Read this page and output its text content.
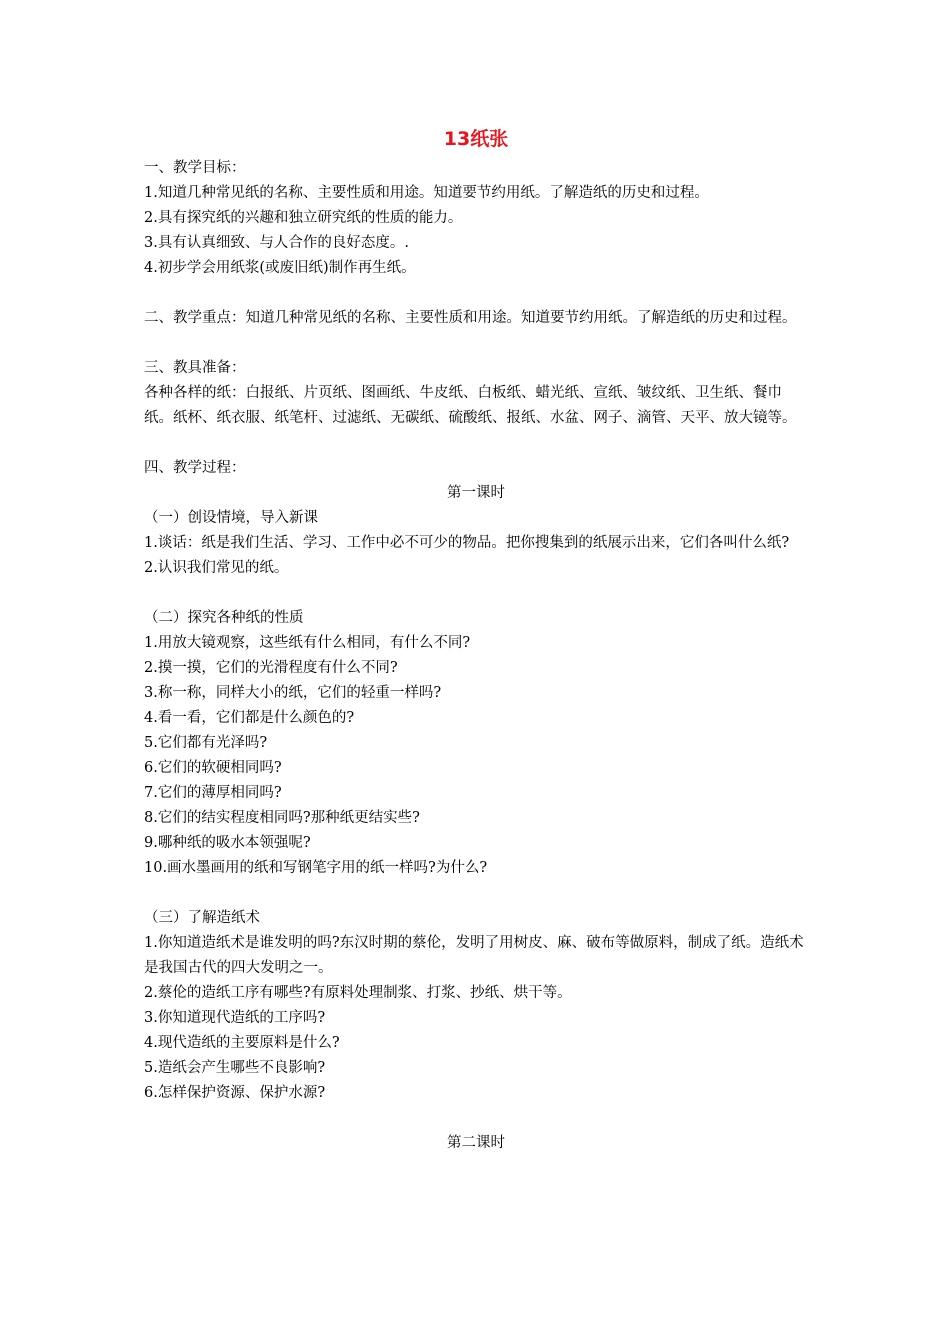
13纸张

一、教学目标：

1.知道几种常见纸的名称、主要性质和用途。知道要节约用纸。了解造纸的历史和过程。

2.具有探究纸的兴趣和独立研究纸的性质的能力。

3.具有认真细致、与人合作的良好态度。.

4.初步学会用纸浆(或废旧纸)制作再生纸。

二、教学重点：知道几种常见纸的名称、主要性质和用途。知道要节约用纸。了解造纸的历史和过程。

三、教具准备：

各种各样的纸：白报纸、片页纸、图画纸、牛皮纸、白板纸、蜡光纸、宣纸、皱纹纸、卫生纸、餐巾纸。纸杯、纸衣服、纸笔杆、过滤纸、无碳纸、硫酸纸、报纸、水盆、网子、滴管、天平、放大镜等。

四、教学过程：

第一课时

（一）创设情境，导入新课

1.谈话：纸是我们生活、学习、工作中必不可少的物品。把你搜集到的纸展示出来，它们各叫什么纸?

2.认识我们常见的纸。

（二）探究各种纸的性质

1.用放大镜观察，这些纸有什么相同，有什么不同?

2.摸一摸，它们的光滑程度有什么不同?

3.称一称，同样大小的纸，它们的轻重一样吗?

4.看一看，它们都是什么颜色的?

5.它们都有光泽吗?

6.它们的软硬相同吗?

7.它们的薄厚相同吗?

8.它们的结实程度相同吗?那种纸更结实些?

9.哪种纸的吸水本领强呢?

10.画水墨画用的纸和写钢笔字用的纸一样吗?为什么?

（三）了解造纸术

1.你知道造纸术是谁发明的吗?东汉时期的蔡伦，发明了用树皮、麻、破布等做原料，制成了纸。造纸术是我国古代的四大发明之一。

2.蔡伦的造纸工序有哪些?有原料处理制浆、打浆、抄纸、烘干等。

3.你知道现代造纸的工序吗?

4.现代造纸的主要原料是什么?

5.造纸会产生哪些不良影响?

6.怎样保护资源、保护水源?

第二课时
